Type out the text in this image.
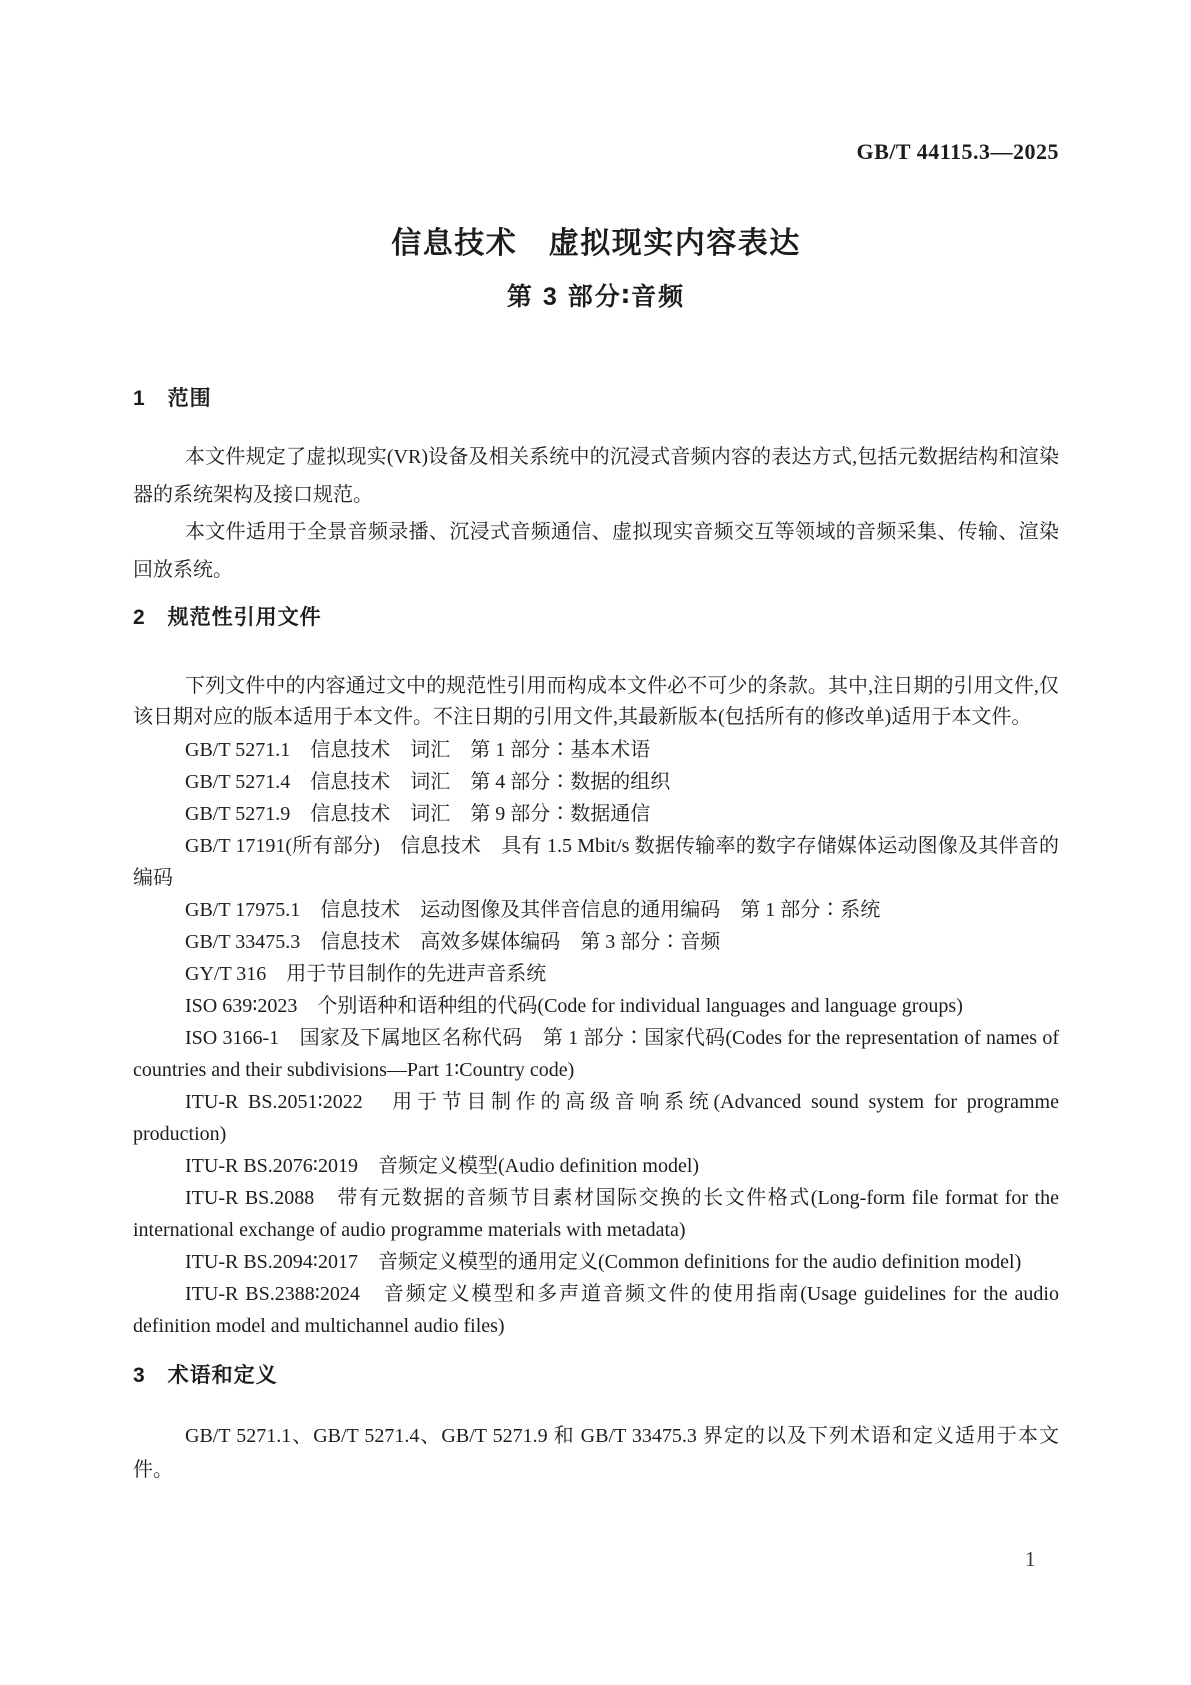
GB/T 44115.3—2025
信息技术　虚拟现实内容表达
第 3 部分∶音频
1　范围

本文件规定了虚拟现实(VR)设备及相关系统中的沉浸式音频内容的表达方式,包括元数据结构和渲染器的系统架构及接口规范。

本文件适用于全景音频录播、沉浸式音频通信、虚拟现实音频交互等领域的音频采集、传输、渲染回放系统。

2　规范性引用文件

下列文件中的内容通过文中的规范性引用而构成本文件必不可少的条款。其中,注日期的引用文件,仅该日期对应的版本适用于本文件。不注日期的引用文件,其最新版本(包括所有的修改单)适用于本文件。

GB/T 5271.1　信息技术　词汇　第 1 部分∶基本术语

GB/T 5271.4　信息技术　词汇　第 4 部分∶数据的组织

GB/T 5271.9　信息技术　词汇　第 9 部分∶数据通信

GB/T 17191(所有部分)　信息技术　具有 1.5 Mbit/s 数据传输率的数字存储媒体运动图像及其伴音的编码

GB/T 17975.1　信息技术　运动图像及其伴音信息的通用编码　第 1 部分∶系统

GB/T 33475.3　信息技术　高效多媒体编码　第 3 部分∶音频

GY/T 316　用于节目制作的先进声音系统

ISO 639∶2023　个别语种和语种组的代码(Code for individual languages and language groups)

ISO 3166-1　国家及下属地区名称代码　第 1 部分∶国家代码(Codes for the representation of names of countries and their subdivisions—Part 1∶Country code)

ITU-R BS.2051∶2022　用于节目制作的高级音响系统(Advanced sound system for programme production)

ITU-R BS.2076∶2019　音频定义模型(Audio definition model)

ITU-R BS.2088　带有元数据的音频节目素材国际交换的长文件格式(Long-form file format for the international exchange of audio programme materials with metadata)

ITU-R BS.2094∶2017　音频定义模型的通用定义(Common definitions for the audio definition model)

ITU-R BS.2388∶2024　音频定义模型和多声道音频文件的使用指南(Usage guidelines for the audio definition model and multichannel audio files)

3　术语和定义

GB/T 5271.1、GB/T 5271.4、GB/T 5271.9 和 GB/T 33475.3 界定的以及下列术语和定义适用于本文件。

1
